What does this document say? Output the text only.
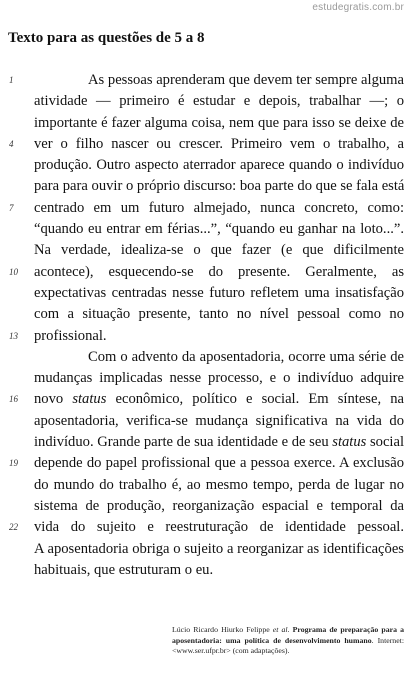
estudegratis.com.br
Texto para as questões de 5 a 8
1	As pessoas aprenderam que devem ter sempre alguma
atividade — primeiro é estudar e depois, trabalhar —; o
importante é fazer alguma coisa, nem que para isso se deixe de
4	ver o filho nascer ou crescer. Primeiro vem o trabalho, a
produção. Outro aspecto aterrador aparece quando o indivíduo
para para ouvir o próprio discurso: boa parte do que se fala está
7	centrado em um futuro almejado, nunca concreto, como:
“quando eu entrar em férias...”, “quando eu ganhar na loto...”.
Na verdade, idealiza-se o que fazer (e que dificilmente
10	acontece), esquecendo-se do presente. Geralmente, as
expectativas centradas nesse futuro refletem uma insatisfação
com a situação presente, tanto no nível pessoal como no
13	profissional.
Com o advento da aposentadoria, ocorre uma série de
mudanças implicadas nesse processo, e o indivíduo adquire
16	novo status econômico, político e social. Em síntese, na
aposentadoria, verifica-se mudança significativa na vida do
indivíduo. Grande parte de sua identidade e de seu status social
19	depende do papel profissional que a pessoa exerce. A exclusão
do mundo do trabalho é, ao mesmo tempo, perda de lugar no
sistema de produção, reorganização espacial e temporal da
22	vida do sujeito e reestruturação de identidade pessoal.
A aposentadoria obriga o sujeito a reorganizar as identificações
habituais, que estruturam o eu.
Lúcio Ricardo Hiurko Felippe et al. Programa de preparação para a aposentadoria: uma política de desenvolvimento humano. Internet: <www.ser.ufpr.br> (com adaptações).
